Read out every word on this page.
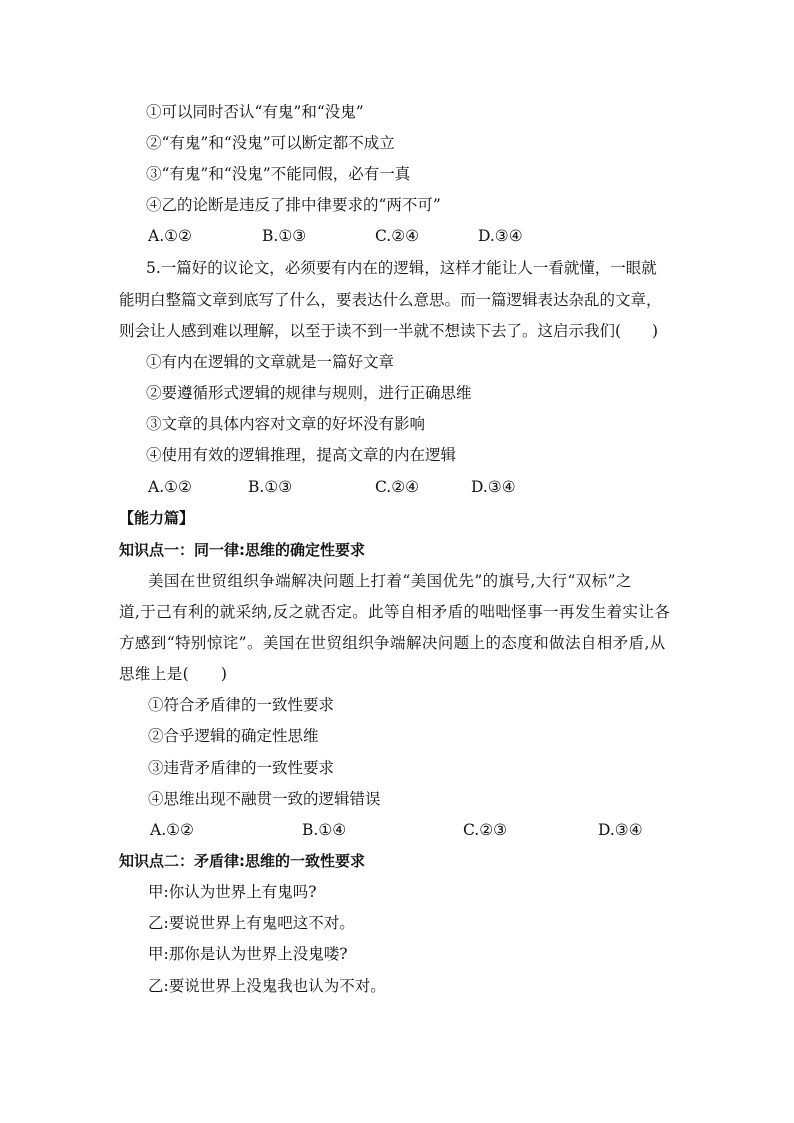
①可以同时否认“有鬼”和“没鬼”
②“有鬼”和“没鬼”可以断定都不成立
③“有鬼”和“没鬼”不能同假，必有一真
④乙的论断是违反了排中律要求的“两不可”
A.①②	B.①③	C.②④	D.③④
5.一篇好的议论文，必须要有内在的逻辑，这样才能让人一看就懂，一眼就
能明白整篇文章到底写了什么，要表达什么意思。而一篇逻辑表达杂乱的文章，
则会让人感到难以理解，以至于读不到一半就不想读下去了。这启示我们(　　)
①有内在逻辑的文章就是一篇好文章
②要遵循形式逻辑的规律与规则，进行正确思维
③文章的具体内容对文章的好坏没有影响
④使用有效的逻辑推理，提高文章的内在逻辑
A.①②	B.①③	C.②④	D.③④
【能力篇】
知识点一：同一律:思维的确定性要求
美国在世贸组织争端解决问题上打着“美国优先”的旗号,大行“双标”之
道,于己有利的就采纳,反之就否定。此等自相矛盾的咄咄怪事一再发生着实让各
方感到“特别惊诧”。美国在世贸组织争端解决问题上的态度和做法自相矛盾,从
思维上是(　　)
①符合矛盾律的一致性要求
②合乎逻辑的确定性思维
③违背矛盾律的一致性要求
④思维出现不融贯一致的逻辑错误
A.①②	B.①④	C.②③	D.③④
知识点二：矛盾律:思维的一致性要求
甲:你认为世界上有鬼吗?
乙:要说世界上有鬼吧这不对。
甲:那你是认为世界上没鬼喽?
乙:要说世界上没鬼我也认为不对。
